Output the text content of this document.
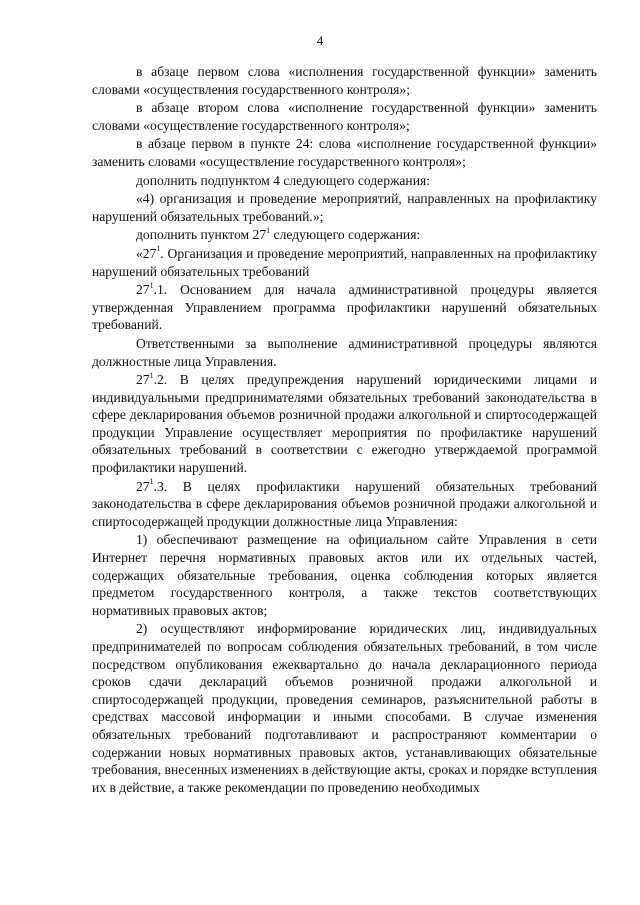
4

в абзаце первом слова «исполнения государственной функции» заменить словами «осуществления государственного контроля»;

в абзаце втором слова «исполнение государственной функции» заменить словами «осуществление государственного контроля»;

в абзаце первом в пункте 24: слова «исполнение государственной функции» заменить словами «осуществление государственного контроля»;

дополнить подпунктом 4 следующего содержания:

«4) организация и проведение мероприятий, направленных на профилактику нарушений обязательных требований.»;

дополнить пунктом $27^1$ следующего содержания:

«$27^1$. Организация и проведение мероприятий, направленных на профилактику нарушений обязательных требований

$27^1.1$. Основанием для начала административной процедуры является утвержденная Управлением программа профилактики нарушений обязательных требований.

Ответственными за выполнение административной процедуры являются должностные лица Управления.

$27^1.2$. В целях предупреждения нарушений юридическими лицами и индивидуальными предпринимателями обязательных требований законодательства в сфере декларирования объемов розничной продажи алкогольной и спиртосодержащей продукции Управление осуществляет мероприятия по профилактике нарушений обязательных требований в соответствии с ежегодно утверждаемой программой профилактики нарушений.

$27^1.3$. В целях профилактики нарушений обязательных требований законодательства в сфере декларирования объемов розничной продажи алкогольной и спиртосодержащей продукции должностные лица Управления:

1) обеспечивают размещение на официальном сайте Управления в сети Интернет перечня нормативных правовых актов или их отдельных частей, содержащих обязательные требования, оценка соблюдения которых является предметом государственного контроля, а также текстов соответствующих нормативных правовых актов;

2) осуществляют информирование юридических лиц, индивидуальных предпринимателей по вопросам соблюдения обязательных требований, в том числе посредством опубликования ежеквартально до начала декларационного периода сроков сдачи деклараций объемов розничной продажи алкогольной и спиртосодержащей продукции, проведения семинаров, разъяснительной работы в средствах массовой информации и иными способами. В случае изменения обязательных требований подготавливают и распространяют комментарии о содержании новых нормативных правовых актов, устанавливающих обязательные требования, внесенных изменениях в действующие акты, сроках и порядке вступления их в действие, а также рекомендации по проведению необходимых
